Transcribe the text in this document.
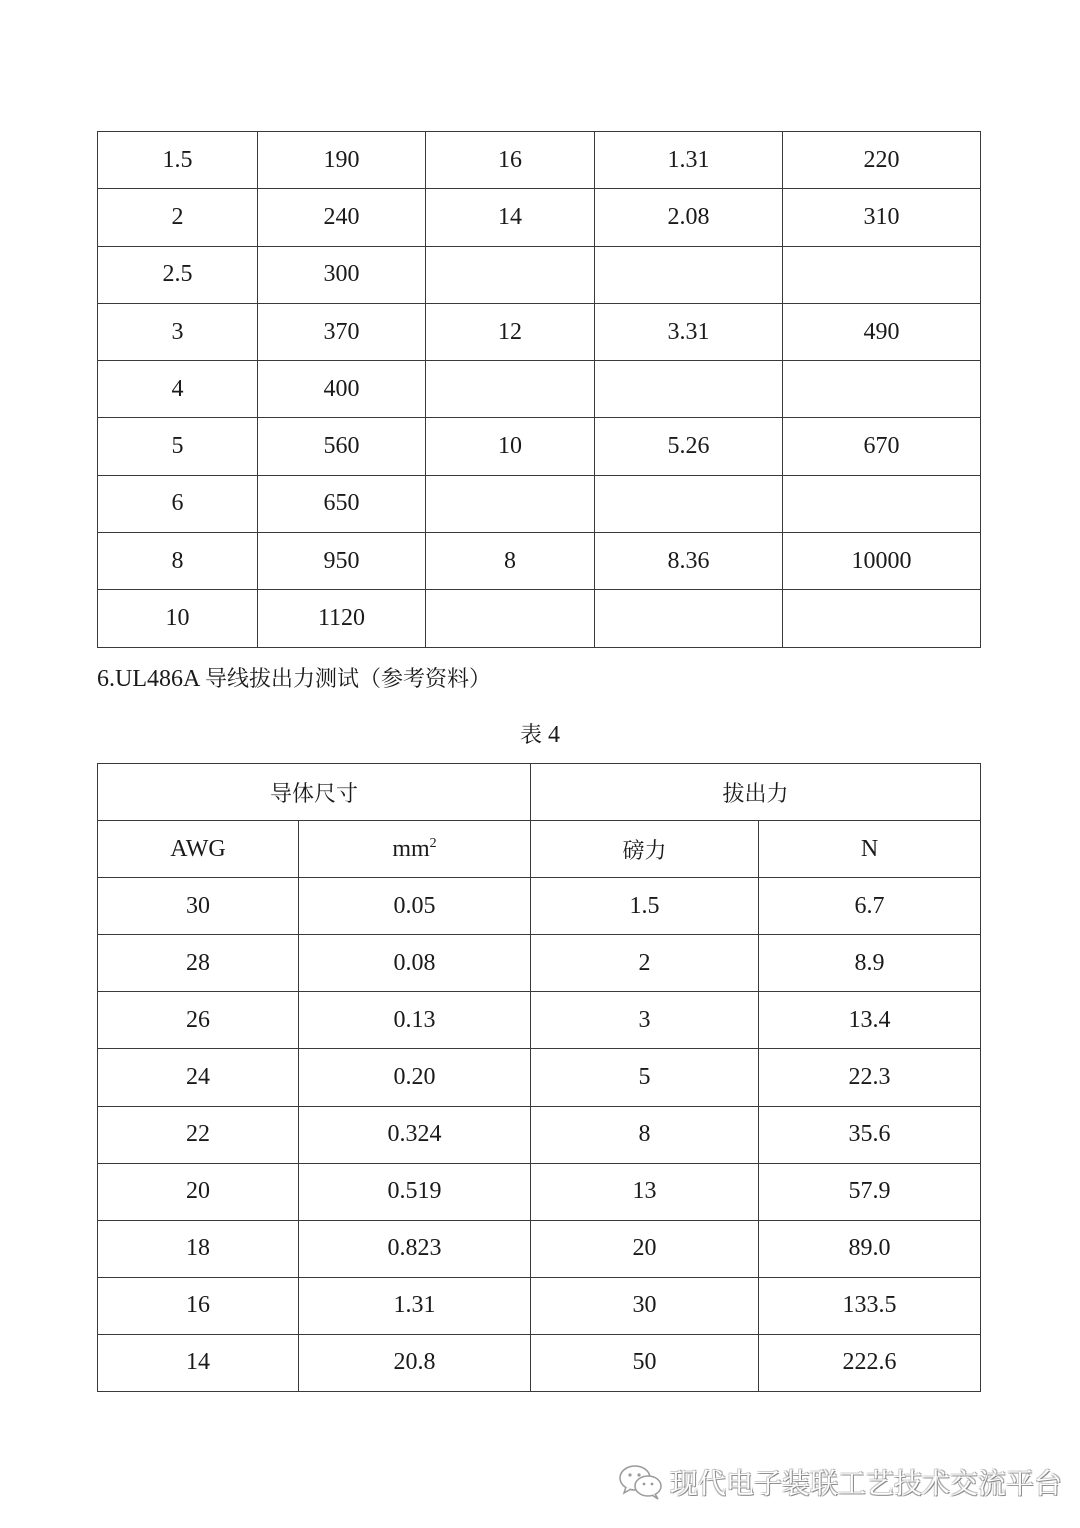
1.5	190	16	1.31	220
2	240	14	2.08	310
2.5	300			
3	370	12	3.31	490
4	400			
5	560	10	5.26	670
6	650			
8	950	8	8.36	10000
10	1120			
6.UL486A 导线拔出力测试（参考资料）
表 4
导体尺寸		拔出力	
AWG	$mm^2$	磅力	N
30	0.05	1.5	6.7
28	0.08	2	8.9
26	0.13	3	13.4
24	0.20	5	22.3
22	0.324	8	35.6
20	0.519	13	57.9
18	0.823	20	89.0
16	1.31	30	133.5
14	20.8	50	222.6
现代电子装联工艺技术交流平台
